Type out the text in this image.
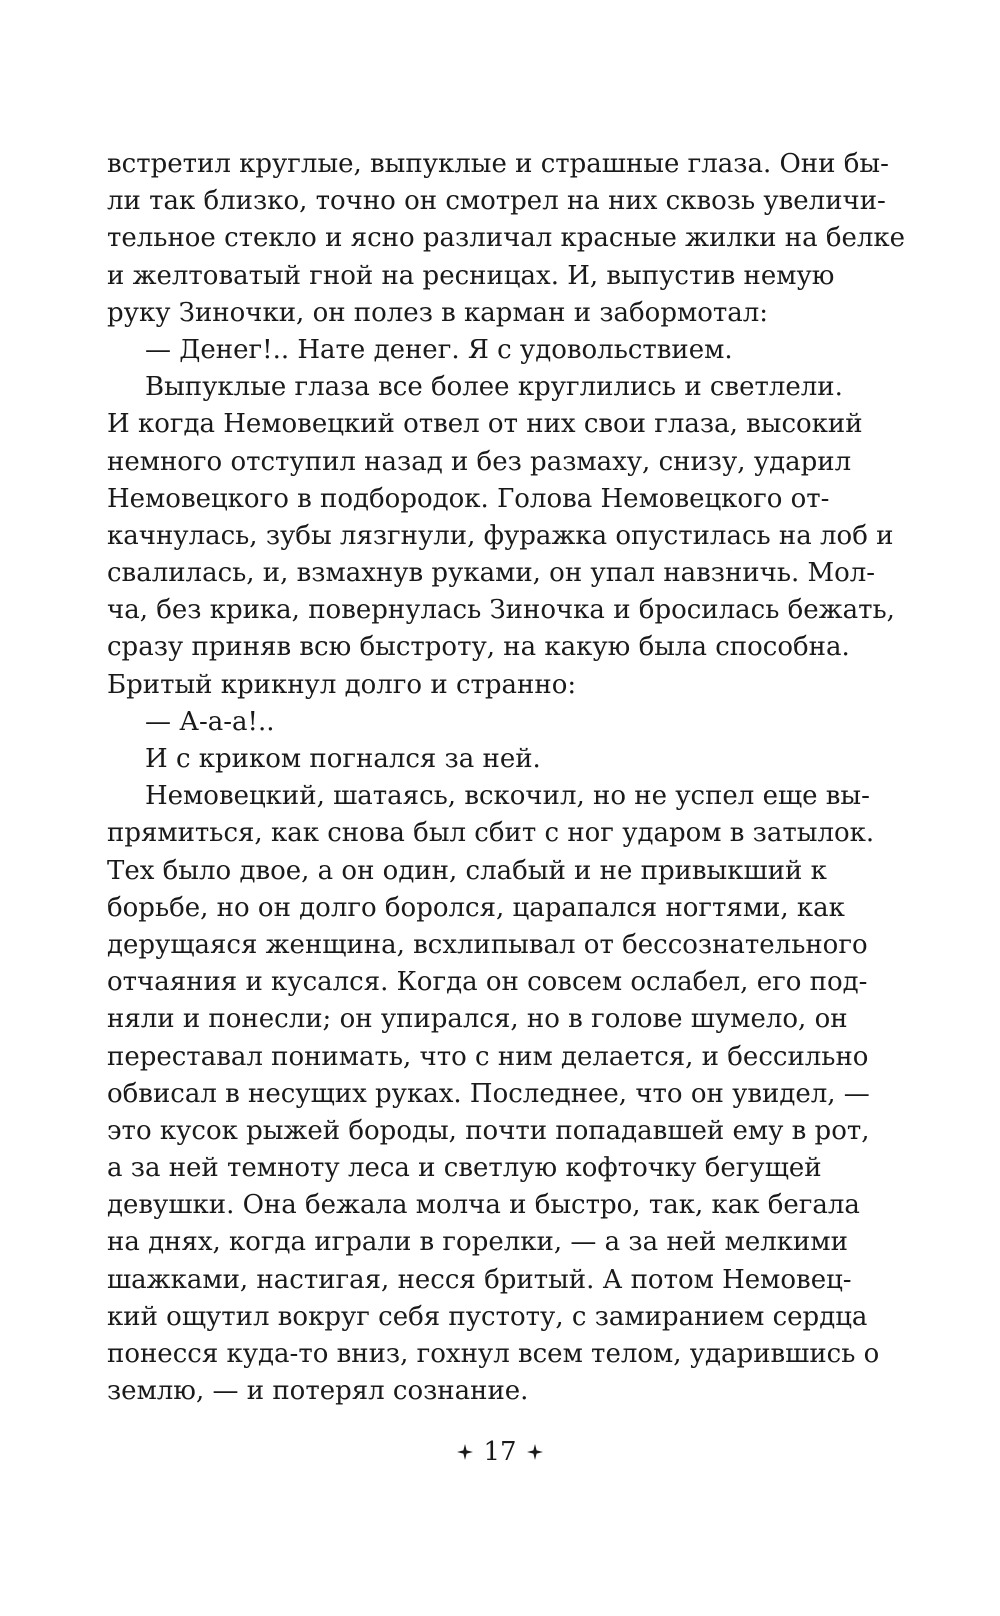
встретил круглые, выпуклые и страшные глаза. Они бы-
ли так близко, точно он смотрел на них сквозь увеличи-
тельное стекло и ясно различал красные жилки на белке
и желтоватый гной на ресницах. И, выпустив немую
руку Зиночки, он полез в карман и забормотал:
— Денег!.. Нате денег. Я с удовольствием.
Выпуклые глаза все более круглились и светлели.
И когда Немовецкий отвел от них свои глаза, высокий
немного отступил назад и без размаху, снизу, ударил
Немовецкого в подбородок. Голова Немовецкого от-
качнулась, зубы лязгнули, фуражка опустилась на лоб и
свалилась, и, взмахнув руками, он упал навзничь. Мол-
ча, без крика, повернулась Зиночка и бросилась бежать,
сразу приняв всю быстроту, на какую была способна.
Бритый крикнул долго и странно:
— А-а-а!..
И с криком погнался за ней.
Немовецкий, шатаясь, вскочил, но не успел еще вы-
прямиться, как снова был сбит с ног ударом в затылок.
Тех было двое, а он один, слабый и не привыкший к
борьбе, но он долго боролся, царапался ногтями, как
дерущаяся женщина, всхлипывал от бессознательного
отчаяния и кусался. Когда он совсем ослабел, его под-
няли и понесли; он упирался, но в голове шумело, он
переставал понимать, что с ним делается, и бессильно
обвисал в несущих руках. Последнее, что он увидел, —
это кусок рыжей бороды, почти попадавшей ему в рот,
а за ней темноту леса и светлую кофточку бегущей
девушки. Она бежала молча и быстро, так, как бегала
на днях, когда играли в горелки, — а за ней мелкими
шажками, настигая, несся бритый. А потом Немовец-
кий ощутил вокруг себя пустоту, с замиранием сердца
понесся куда-то вниз, гохнул всем телом, ударившись о
землю, — и потерял сознание.
17
